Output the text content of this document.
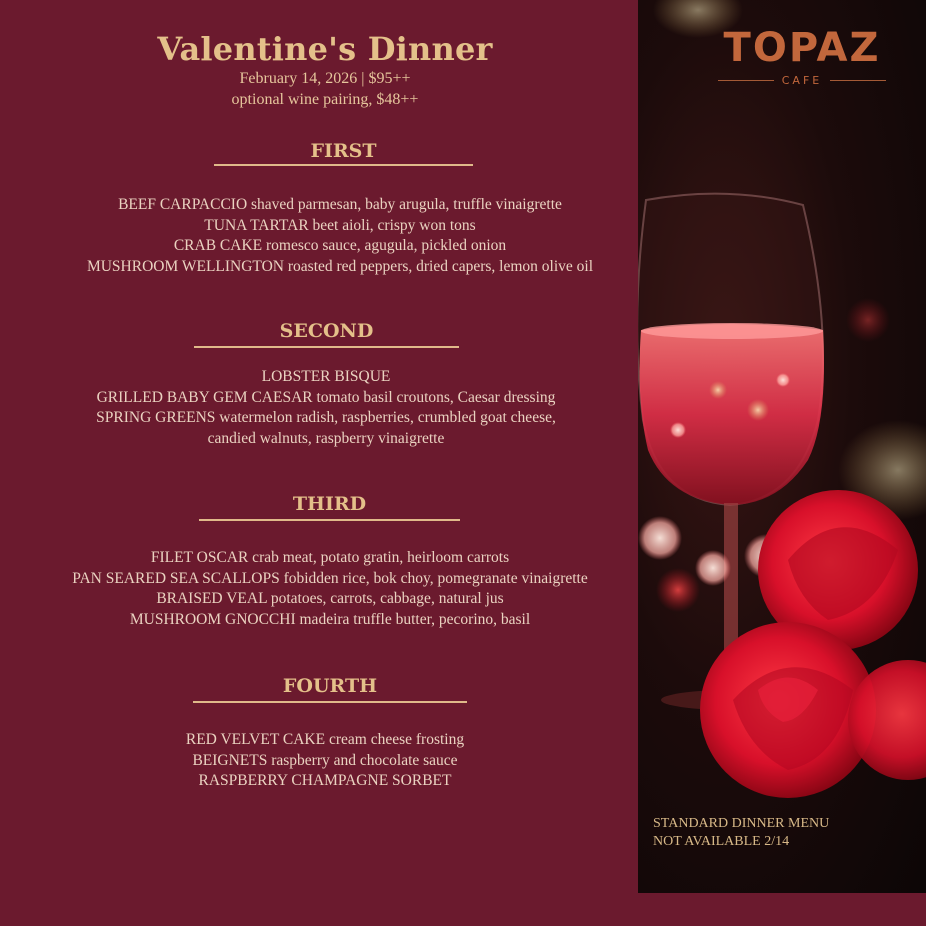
Valentine's Dinner
February 14, 2026 | $95++
optional wine pairing, $48++
FIRST
BEEF CARPACCIO shaved parmesan, baby arugula, truffle vinaigrette
TUNA TARTAR beet aioli, crispy won tons
CRAB CAKE romesco sauce, agugula, pickled onion
MUSHROOM WELLINGTON roasted red peppers, dried capers, lemon olive oil
SECOND
LOBSTER BISQUE
GRILLED BABY GEM CAESAR tomato basil croutons, Caesar dressing
SPRING GREENS watermelon radish, raspberries, crumbled goat cheese,
candied walnuts, raspberry vinaigrette
THIRD
FILET OSCAR crab meat, potato gratin, heirloom carrots
PAN SEARED SEA SCALLOPS fobidden rice, bok choy, pomegranate vinaigrette
BRAISED VEAL potatoes, carrots, cabbage, natural jus
MUSHROOM GNOCCHI madeira truffle butter, pecorino, basil
FOURTH
RED VELVET CAKE cream cheese frosting
BEIGNETS raspberry and chocolate sauce
RASPBERRY CHAMPAGNE SORBET
TOPAZ
CAFE
STANDARD DINNER MENU
NOT AVAILABLE 2/14
